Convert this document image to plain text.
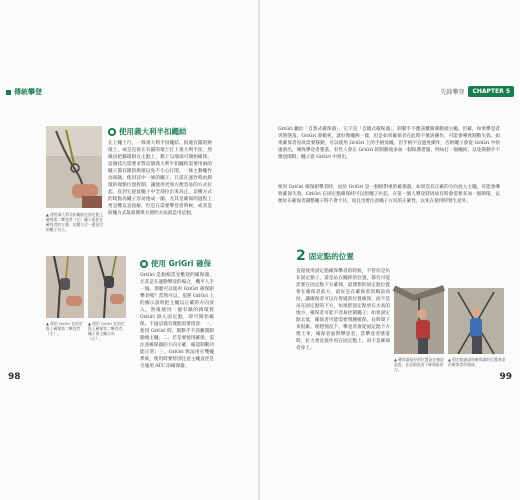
傳統攀登
▲ 使用義大利半扣繩結在固定點上確保第二攀登者（左）繩子需要在確保者的左邊。這種方法一邊是用的繩子為主。
使用義大利半扣繩結
在上繩上行，一條義大利半扣繩結、很適有錨的鉤環上，或是直接在有錨的環上打上義大利半扣，然後再把錨環掛在主點上，錯上勾端部可開始確保。這個技巧需要多對這個義大利半扣繩結需要用兩的繩子都有鎖的鉤環以免不小心打開，一條主動繩作為保險。使用其中一條的繩子，只需在運作時由鉤環的端點位置控制，讓使用更加方便容易的方式拉起，直到它從此繩子中全部拉出來為止。這種方式的缺點為繩子容易捲成一團，尤其是確保的過程上更是難以直接解，但是在需要攀登者時候，或者是結繩方式最最簡單方便的方法就是用這個。
▲ 使用 GriGri 在固定點上確保第二攀登者（左）。
▲ 使用 GriGri 在固定點上確保第二攀登者，繩子與主繩方向（右）。
使用 GriGri 確保
GriGri 是個相當受歡迎的確保器，尤其是在運動攀登的場合，機平人手一個。那麼可以使用 GriGri 確保跟攀者嗎？當然可以，依照 GriGri 上的圖示說明把主繩以正確的方向放入，然後使用一個有鎖的鉤環將 GriGri 掛入固定點，即可開始確保。不過這樣有幾點需要留意：一、使用 GriGri 時，制動手不該離開制動端主繩；二、若是要使用確保，需注意確保器的方向正確，確認制動功能正常；三、GriGri 無法用在雙繩系統，使用時要特別注意主繩直徑是否適用 ATC 的確保器。
98
先鋒攀登	CHAPTER 5
GriGri 屬於「自煞式確保器」，它不是「自鎖式確保器」，制動手不應該離開制動端主繩。但確，如果攀登者突然墜落，GriGri 會鎖死，就好像繩鉤一樣，但是如果確保者在此時不慎誤操作，可能會導致制動失效。如果確保者因故需要移動，可以使用 GriGri 上的手柄放繩，但手柄不宜過度操作，否則繩子會從 GriGri 中快速滑出，導致攀登者墜落。有些人會在 GriGri 的制動端多加一個保護措施，例如打一個繩結，以免制動手不慎放開時，繩子從 GriGri 中滑出。
使用 GriGri 確保跟攀者時，由於 GriGri 是一個相對重的確保器，如果沒有正確的方向放入主繩，可能會導致確保失效。GriGri 在固定點確保時可以把繩子拉起，在第一個人攀登時因故有時會需要多加一個鉤環，以便於在確保者調整繩子時不會卡住，而且也要注意繩子方向的正確性，以免在使用時發生意外。
2 固定點的位置
直接使用固定點確保攀者的時候，不管你是吊在固定點上，還是站在繩距的位置，都有可能需要在固定點下方確保，最理想的固定點位置會在確保者前方，最好是在確保者的胸前高度，讓確保者可以在舒適的位置確保，而不是吊在固定點的下方，如果把固定點放在太高的地方，確保者可能不容易控制繩子；如果固定點太低，確保者可能需要彎腰確保，長時間下來很累。理想情況下，攀登者會從固定點下方爬上來，確保者面對攀登者，當攀登者墜落時，拉力會直接作用在固定點上，而不是確保者身上。
▲ 確保器最好的位置是在胸前高度，在這個高度下確保最省力。
▲ 固定點過高時確保器的位置會高於確保者的頭部。
99
